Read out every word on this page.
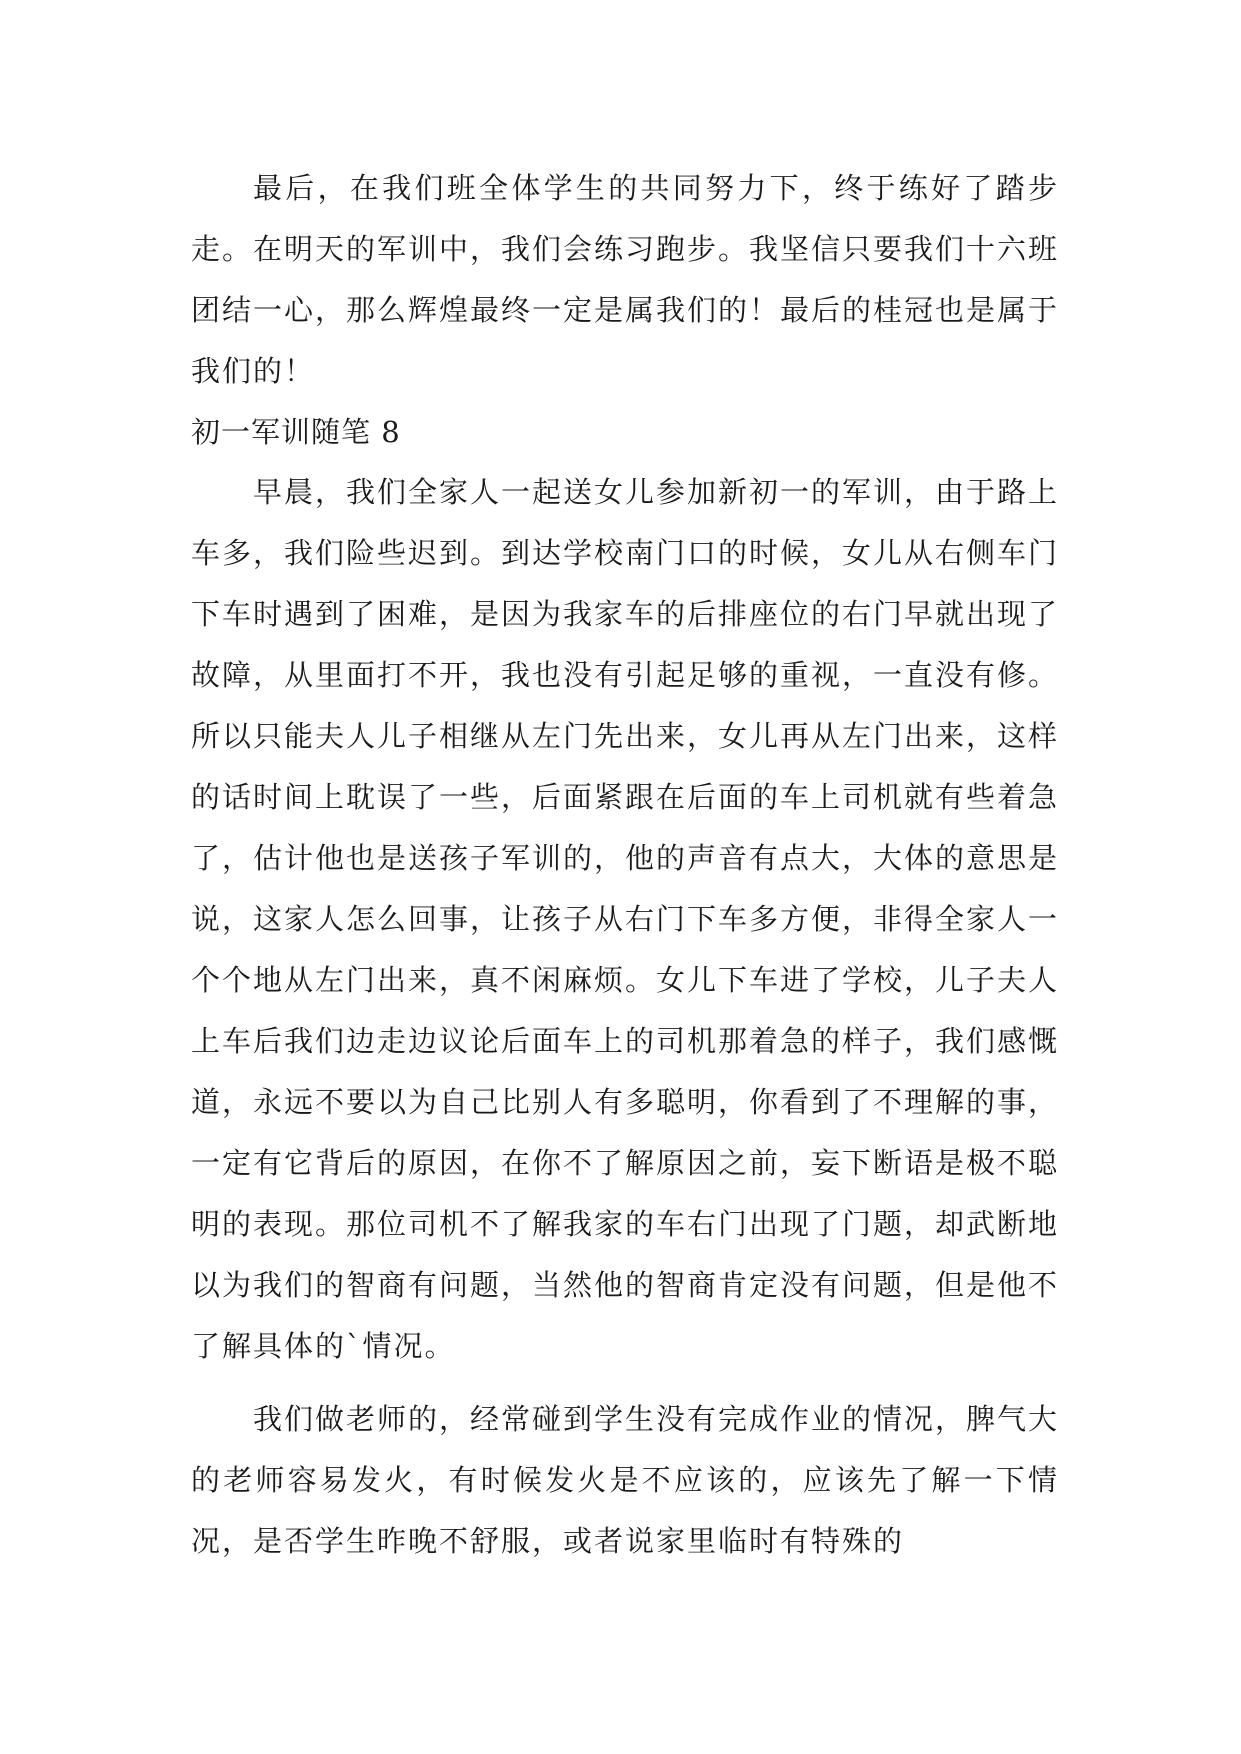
最后，在我们班全体学生的共同努力下，终于练好了踏步走。在明天的军训中，我们会练习跑步。我坚信只要我们十六班团结一心，那么辉煌最终一定是属我们的！最后的桂冠也是属于我们的！

初一军训随笔 8

早晨，我们全家人一起送女儿参加新初一的军训，由于路上车多，我们险些迟到。到达学校南门口的时候，女儿从右侧车门下车时遇到了困难，是因为我家车的后排座位的右门早就出现了故障，从里面打不开，我也没有引起足够的重视，一直没有修。所以只能夫人儿子相继从左门先出来，女儿再从左门出来，这样的话时间上耽误了一些，后面紧跟在后面的车上司机就有些着急了，估计他也是送孩子军训的，他的声音有点大，大体的意思是说，这家人怎么回事，让孩子从右门下车多方便，非得全家人一个个地从左门出来，真不闲麻烦。女儿下车进了学校，儿子夫人上车后我们边走边议论后面车上的司机那着急的样子，我们感慨道，永远不要以为自己比别人有多聪明，你看到了不理解的事，一定有它背后的原因，在你不了解原因之前，妄下断语是极不聪明的表现。那位司机不了解我家的车右门出现了门题，却武断地以为我们的智商有问题，当然他的智商肯定没有问题，但是他不了解具体的`情况。

我们做老师的，经常碰到学生没有完成作业的情况，脾气大的老师容易发火，有时候发火是不应该的，应该先了解一下情况，是否学生昨晚不舒服，或者说家里临时有特殊的
